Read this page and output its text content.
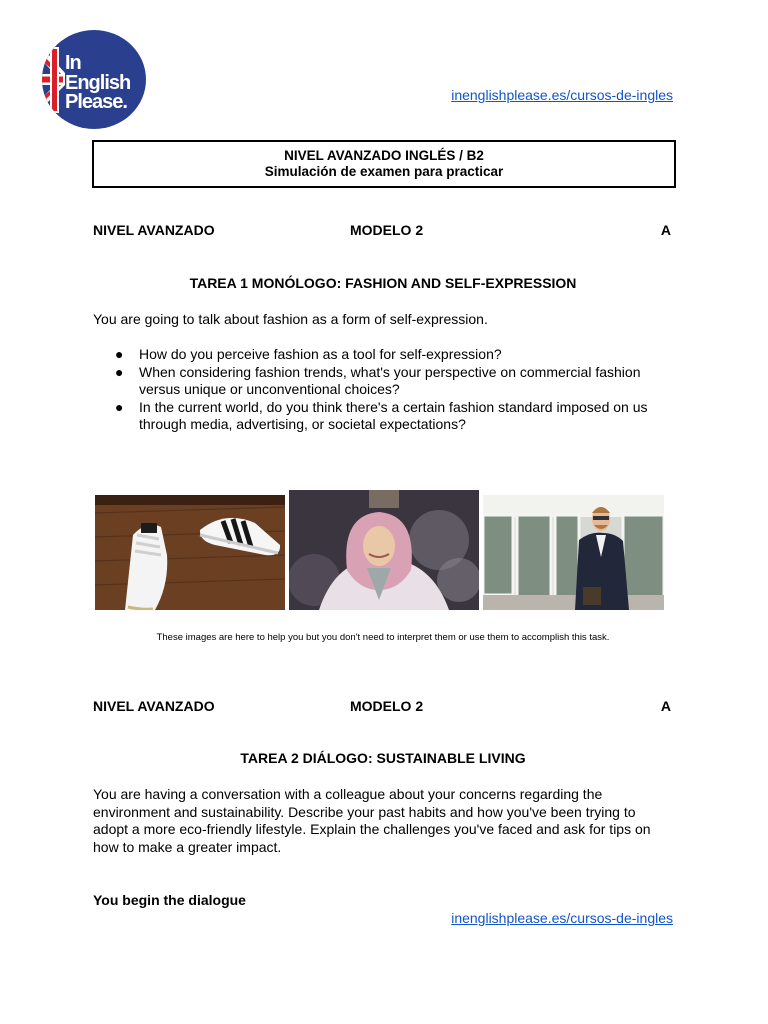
In
English
Please.	inenglishplease.es/cursos-de-ingles
NIVEL AVANZADO INGLÉS / B2
Simulación de examen para practicar
NIVEL AVANZADO	MODELO 2	A
TAREA 1 MONÓLOGO: FASHION AND SELF-EXPRESSION
You are going to talk about fashion as a form of self-expression.
● How do you perceive fashion as a tool for self-expression?
● When considering fashion trends, what's your perspective on commercial fashion versus unique or unconventional choices?
● In the current world, do you think there's a certain fashion standard imposed on us through media, advertising, or societal expectations?
These images are here to help you but you don't need to interpret them or use them to accomplish this task.
NIVEL AVANZADO	MODELO 2	A
TAREA 2 DIÁLOGO: SUSTAINABLE LIVING
You are having a conversation with a colleague about your concerns regarding the environment and sustainability. Describe your past habits and how you've been trying to adopt a more eco-friendly lifestyle. Explain the challenges you've faced and ask for tips on how to make a greater impact.
You begin the dialogue
inenglishplease.es/cursos-de-ingles
